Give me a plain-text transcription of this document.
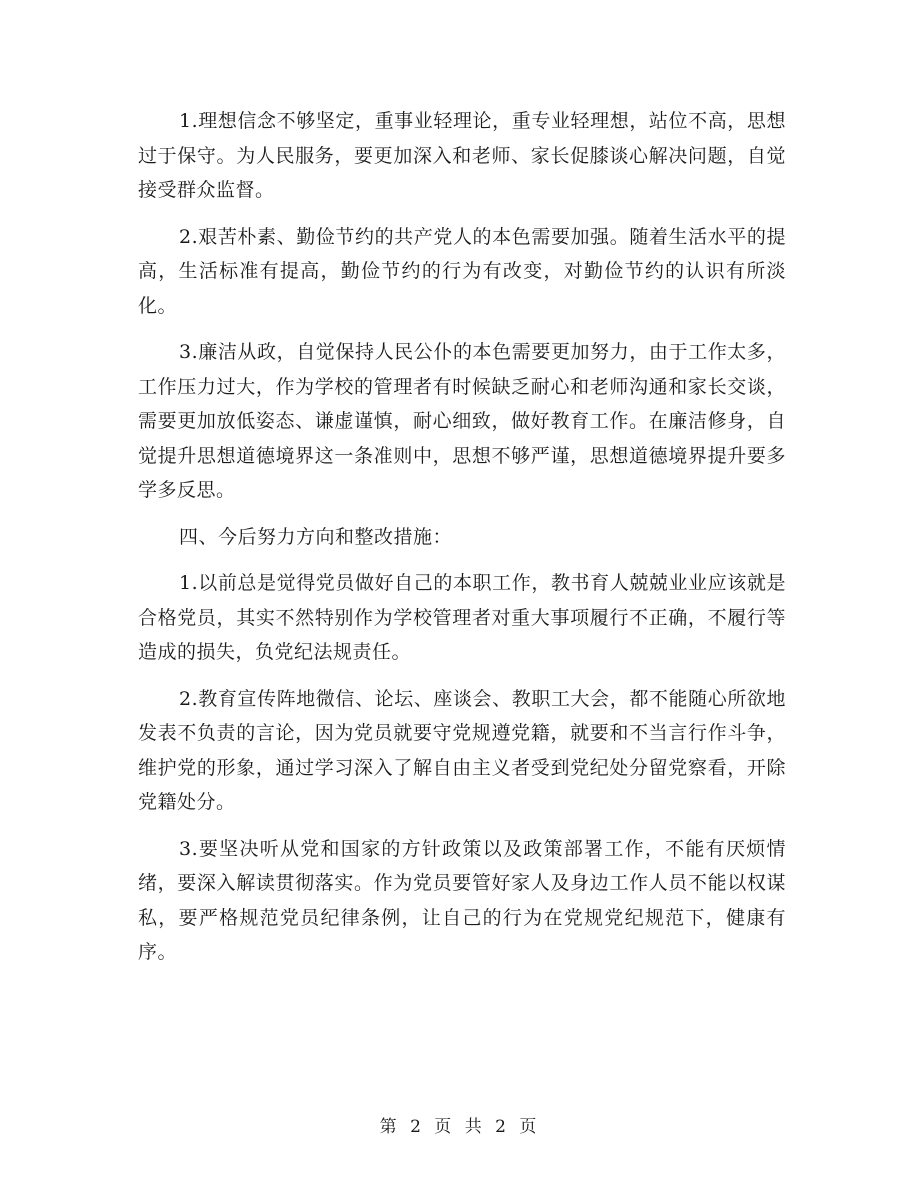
1.理想信念不够坚定，重事业轻理论，重专业轻理想，站位不高，思想过于保守。为人民服务，要更加深入和老师、家长促膝谈心解决问题，自觉接受群众监督。

2.艰苦朴素、勤俭节约的共产党人的本色需要加强。随着生活水平的提高，生活标准有提高，勤俭节约的行为有改变，对勤俭节约的认识有所淡化。

3.廉洁从政，自觉保持人民公仆的本色需要更加努力，由于工作太多，工作压力过大，作为学校的管理者有时候缺乏耐心和老师沟通和家长交谈，需要更加放低姿态、谦虚谨慎，耐心细致，做好教育工作。在廉洁修身，自觉提升思想道德境界这一条准则中，思想不够严谨，思想道德境界提升要多学多反思。

四、今后努力方向和整改措施：

1.以前总是觉得党员做好自己的本职工作，教书育人兢兢业业应该就是合格党员，其实不然特别作为学校管理者对重大事项履行不正确，不履行等造成的损失，负党纪法规责任。

2.教育宣传阵地微信、论坛、座谈会、教职工大会，都不能随心所欲地发表不负责的言论，因为党员就要守党规遵党籍，就要和不当言行作斗争，维护党的形象，通过学习深入了解自由主义者受到党纪处分留党察看，开除党籍处分。

3.要坚决听从党和国家的方针政策以及政策部署工作，不能有厌烦情绪，要深入解读贯彻落实。作为党员要管好家人及身边工作人员不能以权谋私，要严格规范党员纪律条例，让自己的行为在党规党纪规范下，健康有序。

第 2 页 共 2 页
